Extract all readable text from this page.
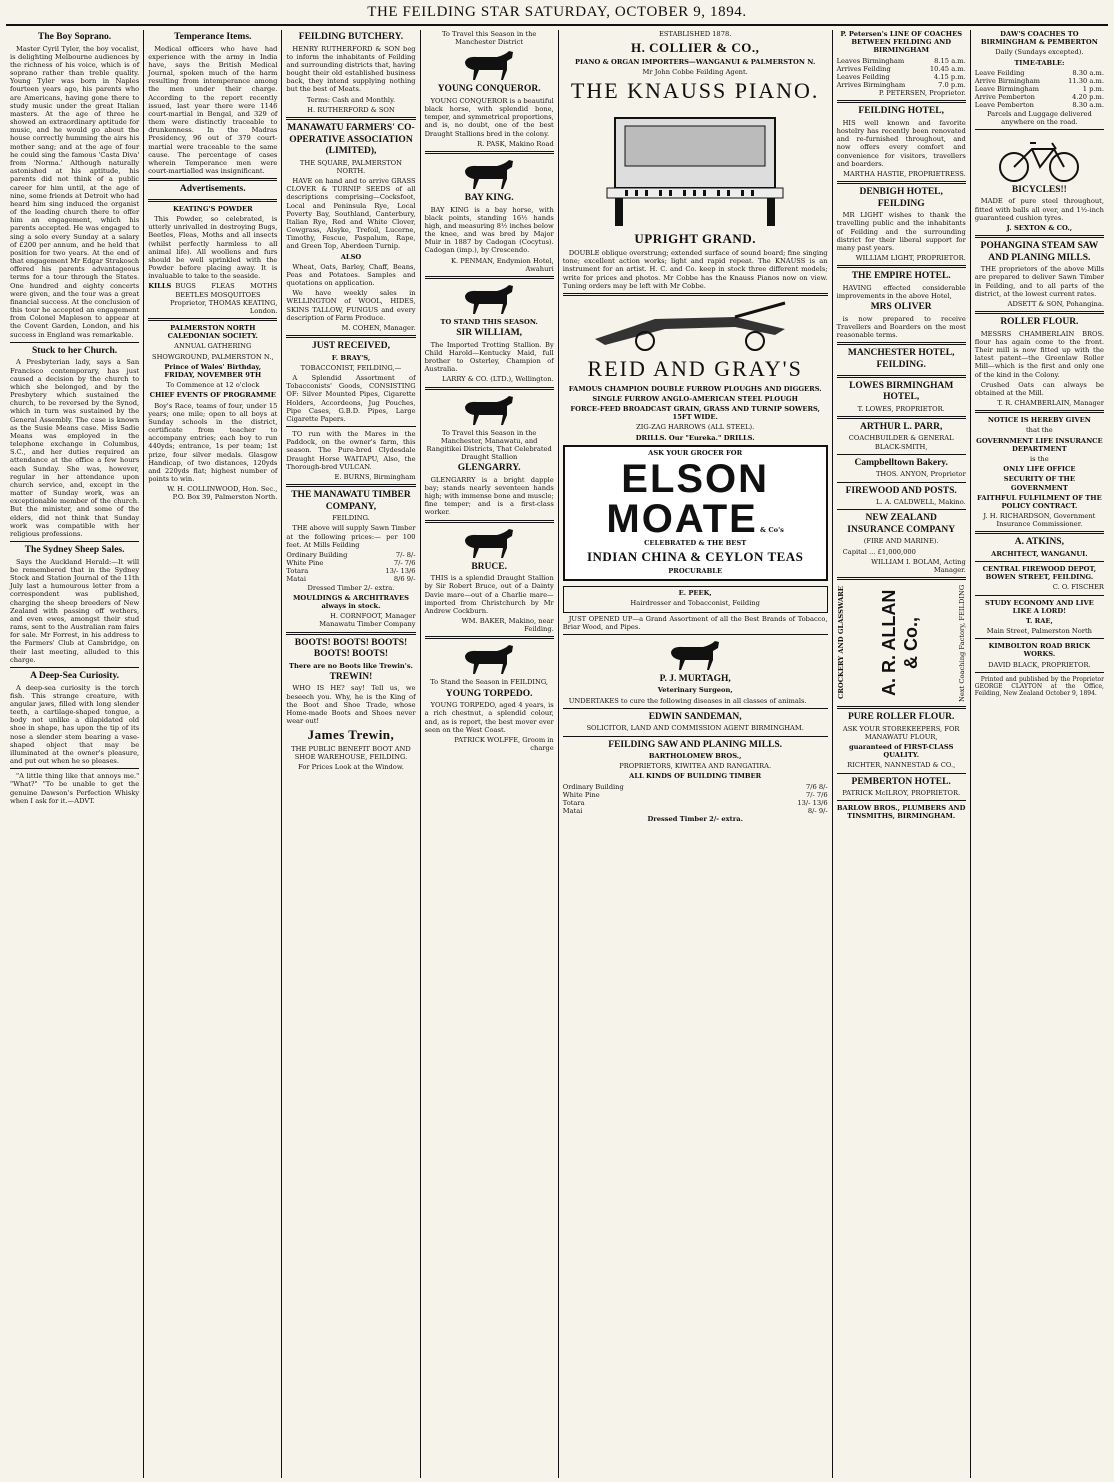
THE FEILDING STAR SATURDAY, OCTOBER 9, 1894.
The Boy Soprano.

Master Cyril Tyler, the boy vocalist, is delighting Melbourne audiences by the richness of his voice, which is of soprano rather than treble quality. Young Tyler was born in Naples fourteen years ago, his parents who are Americans, having gone there to study music under the great Italian masters. At the age of three he showed an extraordinary aptitude for music, and he would go about the house correctly humming the airs his mother sang; and at the age of four he could sing the famous 'Casta Diva' from 'Norma.' Although naturally astonished at his aptitude, his parents did not think of a public career for him until, at the age of nine, some friends at Detroit who had heard him sing induced the organist of the leading church there to offer him an engagement, which his parents accepted. He was engaged to sing a solo every Sunday at a salary of £200 per annum, and he held that position for two years. At the end of that engagement Mr Edgar Strakosch offered his parents advantageous terms for a tour through the States. One hundred and eighty concerts were given, and the tour was a great financial success. At the conclusion of this tour he accepted an engagement from Colonel Mapleson to appear at the Covent Garden, London, and his success in England was remarkable.

Stuck to her Church.

A Presbyterian lady, says a San Francisco contemporary, has just caused a decision by the church to which she belonged, and by the Presbytery which sustained the church, to be reversed by the Synod, which in turn was sustained by the General Assembly. The case is known as the Susie Means case. Miss Sadie Means was employed in the telephone exchange in Columbus, S.C., and her duties required an attendance at the office a few hours each Sunday. She was, however, regular in her attendance upon church service, and, except in the matter of Sunday work, was an exceptionable member of the church. But the minister, and some of the elders, did not think that Sunday work was compatible with her religious professions.

The Sydney Sheep Sales.

Says the Auckland Herald:—It will be remembered that in the Sydney Stock and Station Journal of the 11th July last a humourous letter from a correspondent was published, charging the sheep breeders of New Zealand with passing off wethers, and even ewes, amongst their stud rams, sent to the Australian ram fairs for sale. Mr Forrest, in his address to the Farmers' Club at Cambridge, on their last meeting, alluded to this charge.

A Deep-Sea Curiosity.

A deep-sea curiosity is the torch fish. This strange creature, with angular jaws, filled with long slender teeth, a cartilage-shaped tongue, a body not unlike a dilapidated old shoe in shape, has upon the tip of its nose a slender stem bearing a vase-shaped object that may be illuminated at the owner's pleasure, and put out when he so pleases.

"A little thing like that annoys me." "What?" "To be unable to get the genuine Dawson's Perfection Whisky when I ask for it.—ADVT.

Temperance Items.

Medical officers who have had experience with the army in India have, says the British Medical Journal, spoken much of the harm resulting from intemperance among the men under their charge. According to the report recently issued, last year there were 1146 court-martial in Bengal, and 329 of them were distinctly traceable to drunkenness. In the Madras Presidency, 96 out of 379 court-martial were traceable to the same cause. The percentage of cases wherein Temperance men were court-martialled was insignificant.

Advertisements.

KEATING'S POWDER

This Powder, so celebrated, is utterly unrivalled in destroying Bugs, Beetles, Fleas, Moths and all insects (whilst perfectly harmless to all animal life). All woollens and furs should be well sprinkled with the Powder before placing away. It is invaluable to take to the seaside.

KILLS BUGS FLEAS MOTHS BEETLES MOSQUITOES

Proprietor, THOMAS KEATING, London.

PALMERSTON NORTH CALEDONIAN SOCIETY.

ANNUAL GATHERING

SHOWGROUND, PALMERSTON N.,

Prince of Wales' Birthday, FRIDAY, NOVEMBER 9TH

To Commence at 12 o'clock

CHIEF EVENTS OF PROGRAMME

Boy's Race, teams of four, under 15 years; one mile; open to all boys at Sunday schools in the district, certificate from teacher to accompany entries; each boy to run 440yds; entrance, 1s per team; 1st prize, four silver medals. Glasgow Handicap, of two distances, 120yds and 220yds flat; highest number of points to win.

W. H. COLLINWOOD, Hon. Sec., P.O. Box 39, Palmerston North.

FEILDING BUTCHERY.

HENRY RUTHERFORD & SON beg to inform the inhabitants of Feilding and surrounding districts that, having bought their old established business back, they intend supplying nothing but the best of Meats.

Terms: Cash and Monthly.

H. RUTHERFORD & SON

MANAWATU FARMERS' CO-OPERATIVE ASSOCIATION (LIMITED),

THE SQUARE, PALMERSTON NORTH.

HAVE on hand and to arrive GRASS CLOVER & TURNIP SEEDS of all descriptions comprising—Cocksfoot, Local and Peninsula Rye, Local Poverty Bay, Southland, Canterbury, Italian Rye, Red and White Clover, Cowgrass, Alsyke, Trefoil, Lucerne, Timothy, Fescue, Paspalum, Rape, and Green Top, Aberdeen Turnip.

ALSO

Wheat, Oats, Barley, Chaff, Beans, Peas and Potatoes. Samples and quotations on application.

We have weekly sales in WELLINGTON of WOOL, HIDES, SKINS TALLOW, FUNGUS and every description of Farm Produce.

M. COHEN, Manager.

JUST RECEIVED,

F. BRAY'S,

TOBACCONIST, FEILDING,—

A Splendid Assortment of Tobacconists' Goods, CONSISTING OF: Silver Mounted Pipes, Cigarette Holders, Accordeons, Jug Pouches, Pipe Cases, G.B.D. Pipes, Large Cigarette Papers.

TO run with the Mares in the Paddock, on the owner's farm, this season. The Pure-bred Clydesdale Draught Horse WAITAPU, Also, the Thorough-bred VULCAN.

E. BURNS, Birmingham

THE MANAWATU TIMBER COMPANY,

FEILDING.

THE above will supply Sawn Timber at the following prices:— per 100 feet. At Mills Feilding

Ordinary Building	7/- 8/-
White Pine	7/- 7/6
Totara	13/- 13/6
Matai	8/6 9/-

Dressed Timber 2/- extra.

MOULDINGS & ARCHITRAVES always in stock.

H. CORNFOOT, Manager Manawatu Timber Company

BOOTS! BOOTS! BOOTS! BOOTS! BOOTS!

There are no Boots like Trewin's.

TREWIN!

WHO IS HE? say! Tell us, we beseech you. Why, he is the King of the Boot and Shoe Trade, whose Home-made Boots and Shoes never wear out!

James Trewin,

THE PUBLIC BENEFIT BOOT AND SHOE WAREHOUSE, FEILDING.

For Prices Look at the Window.

To Travel this Season in the Manchester District

YOUNG CONQUEROR.

YOUNG CONQUEROR is a beautiful black horse, with splendid bone, temper, and symmetrical proportions, and is, no doubt, one of the best Draught Stallions bred in the colony.

R. PASK, Makino Road

BAY KING.

BAY KING is a bay horse, with black points, standing 16½ hands high, and measuring 8½ inches below the knee, and was bred by Major Muir in 1887 by Cadogan (Cocytus). Cadogan (imp.), by Crescendo.

K. PENMAN, Endymion Hotel, Awahuri

TO STAND THIS SEASON.

SIR WILLIAM,

The Imported Trotting Stallion. By Child Harold—Kentucky Maid, full brother to Osterley, Champion of Australia.

LARRY & CO. (LTD.), Wellington.

To Travel this Season in the Manchester, Manawatu, and Rangitikei Districts, That Celebrated Draught Stallion

GLENGARRY.

GLENGARRY is a bright dapple bay; stands nearly seventeen hands high; with immense bone and muscle; fine temper; and is a first-class worker.

BRUCE.

THIS is a splendid Draught Stallion by Sir Robert Bruce, out of a Dainty Davie mare—out of a Charlie mare—imported from Christchurch by Mr Andrew Cockburn.

WM. BAKER, Makino, near Feilding.

To Stand the Season in FEILDING,

YOUNG TORPEDO.

YOUNG TORPEDO, aged 4 years, is a rich chestnut, a splendid colour, and, as is report, the best mover ever seen on the West Coast.

PATRICK WOLFFE, Groom in charge

ESTABLISHED 1878.

H. COLLIER & CO.,

PIANO & ORGAN IMPORTERS—WANGANUI & PALMERSTON N.

Mr John Cobbe Feilding Agent.

THE KNAUSS PIANO.
UPRIGHT GRAND.

DOUBLE oblique overstrung; extended surface of sound board; fine singing tone; excellent action works; light and rapid repeat. The KNAUSS is an instrument for an artist. H. C. and Co. keep in stock three different models; write for prices and photos. Mr Cobbe has the Knauss Pianos now on view. Tuning orders may be left with Mr Cobbe.

REID AND GRAY'S

FAMOUS CHAMPION DOUBLE FURROW PLOUGHS AND DIGGERS.

SINGLE FURROW ANGLO-AMERICAN STEEL PLOUGH

FORCE-FEED BROADCAST GRAIN, GRASS AND TURNIP SOWERS, 15FT WIDE.

ZIG-ZAG HARROWS (ALL STEEL).

DRILLS. Our "Eureka." DRILLS.

ASK YOUR GROCER FOR

ELSON MOATE & Co's

CELEBRATED & THE BEST

INDIAN CHINA & CEYLON TEAS

PROCURABLE

E. PEEK,

Hairdresser and Tobacconist, Feilding

JUST OPENED UP—a Grand Assortment of all the Best Brands of Tobacco, Briar Wood, and Pipes.

P. J. MURTAGH,

Veterinary Surgeon,

UNDERTAKES to cure the following diseases in all classes of animals.

EDWIN SANDEMAN,

SOLICITOR, LAND AND COMMISSION AGENT BIRMINGHAM.

FEILDING SAW AND PLANING MILLS.

BARTHOLOMEW BROS.,

PROPRIETORS, KIWITEA AND RANGATIRA.

ALL KINDS OF BUILDING TIMBER

Ordinary Building	7/6 8/-
White Pine	7/- 7/6
Totara	13/- 13/6
Matai	8/- 9/-

Dressed Timber 2/- extra.

P. Petersen's LINE OF COACHES BETWEEN FEILDING AND BIRMINGHAM

Leaves Birmingham	8.15 a.m.
Arrives Feilding	10.45 a.m.
Leaves Feilding	4.15 p.m.
Arrives Birmingham	7.0 p.m.

P. PETERSEN, Proprietor.

FEILDING HOTEL,

HIS well known and favorite hostelry has recently been renovated and re-furnished throughout, and now offers every comfort and convenience for visitors, travellers and boarders.

MARTHA HASTIE, PROPRIETRESS.

DENBIGH HOTEL, FEILDING

MR LIGHT wishes to thank the travelling public and the inhabitants of Feilding and the surrounding district for their liberal support for many past years.

WILLIAM LIGHT, PROPRIETOR.

THE EMPIRE HOTEL.

HAVING effected considerable improvements in the above Hotel,

MRS OLIVER

is now prepared to receive Travellers and Boarders on the most reasonable terms.

MANCHESTER HOTEL, FEILDING.
LOWES BIRMINGHAM HOTEL,

T. LOWES, PROPRIETOR.

ARTHUR L. PARR,

COACHBUILDER & GENERAL BLACK-SMITH,

Campbelltown Bakery.

THOS. ANYON, Proprietor

FIREWOOD AND POSTS.

L. A. CALDWELL, Makino.

NEW ZEALAND INSURANCE COMPANY

(FIRE AND MARINE).

Capital ... £1,000,000

WILLIAM I. BOLAM, Acting Manager.

CROCKERY AND GLASSWARE A. R. ALLAN & Co.,	Next Coaching Factory, FEILDING
PURE ROLLER FLOUR.

ASK YOUR STOREKEEPERS, FOR MANAWATU FLOUR,

guaranteed of FIRST-CLASS QUALITY.

RICHTER, NANNESTAD & CO.,

PEMBERTON HOTEL.

PATRICK McILROY, PROPRIETOR.

BARLOW BROS., PLUMBERS AND TINSMITHS, BIRMINGHAM.

DAW'S COACHES TO BIRMINGHAM & PEMBERTON

Daily (Sundays excepted).

TIME-TABLE:

Leave Feilding	8.30 a.m.
Arrive Birmingham	11.30 a.m.
Leave Birmingham	1 p.m.
Arrive Pemberton	4.20 p.m.
Leave Pemberton	8.30 a.m.

Parcels and Luggage delivered anywhere on the road.

BICYCLES!!

MADE of pure steel throughout, fitted with balls all over, and 1½-inch guaranteed cushion tyres.

J. SEXTON & CO.,

POHANGINA STEAM SAW AND PLANING MILLS.

THE proprietors of the above Mills are prepared to deliver Sawn Timber in Feilding, and to all parts of the district, at the lowest current rates.

ADSETT & SON, Pohangina.

ROLLER FLOUR.

MESSRS CHAMBERLAIN BROS. flour has again come to the front. Their mill is now fitted up with the latest patent—the Greenlaw Roller Mill—which is the first and only one of the kind in the Colony.

Crushed Oats can always be obtained at the Mill.

T. R. CHAMBERLAIN, Manager

NOTICE IS HEREBY GIVEN

that the

GOVERNMENT LIFE INSURANCE DEPARTMENT

is the

ONLY LIFE OFFICE

SECURITY OF THE GOVERNMENT

FAITHFUL FULFILMENT OF THE POLICY CONTRACT.

J. H. RICHARDSON, Government Insurance Commissioner.

A. ATKINS,

ARCHITECT, WANGANUI.

CENTRAL FIREWOOD DEPOT, BOWEN STREET, FEILDING.

C. O. FISCHER

STUDY ECONOMY AND LIVE LIKE A LORD!

T. RAE,

Main Street, Palmerston North

KIMBOLTON ROAD BRICK WORKS.

DAVID BLACK, PROPRIETOR.

Printed and published by the Proprietor GEORGE CLAYTON at the Office, Feilding, New Zealand October 9, 1894.
